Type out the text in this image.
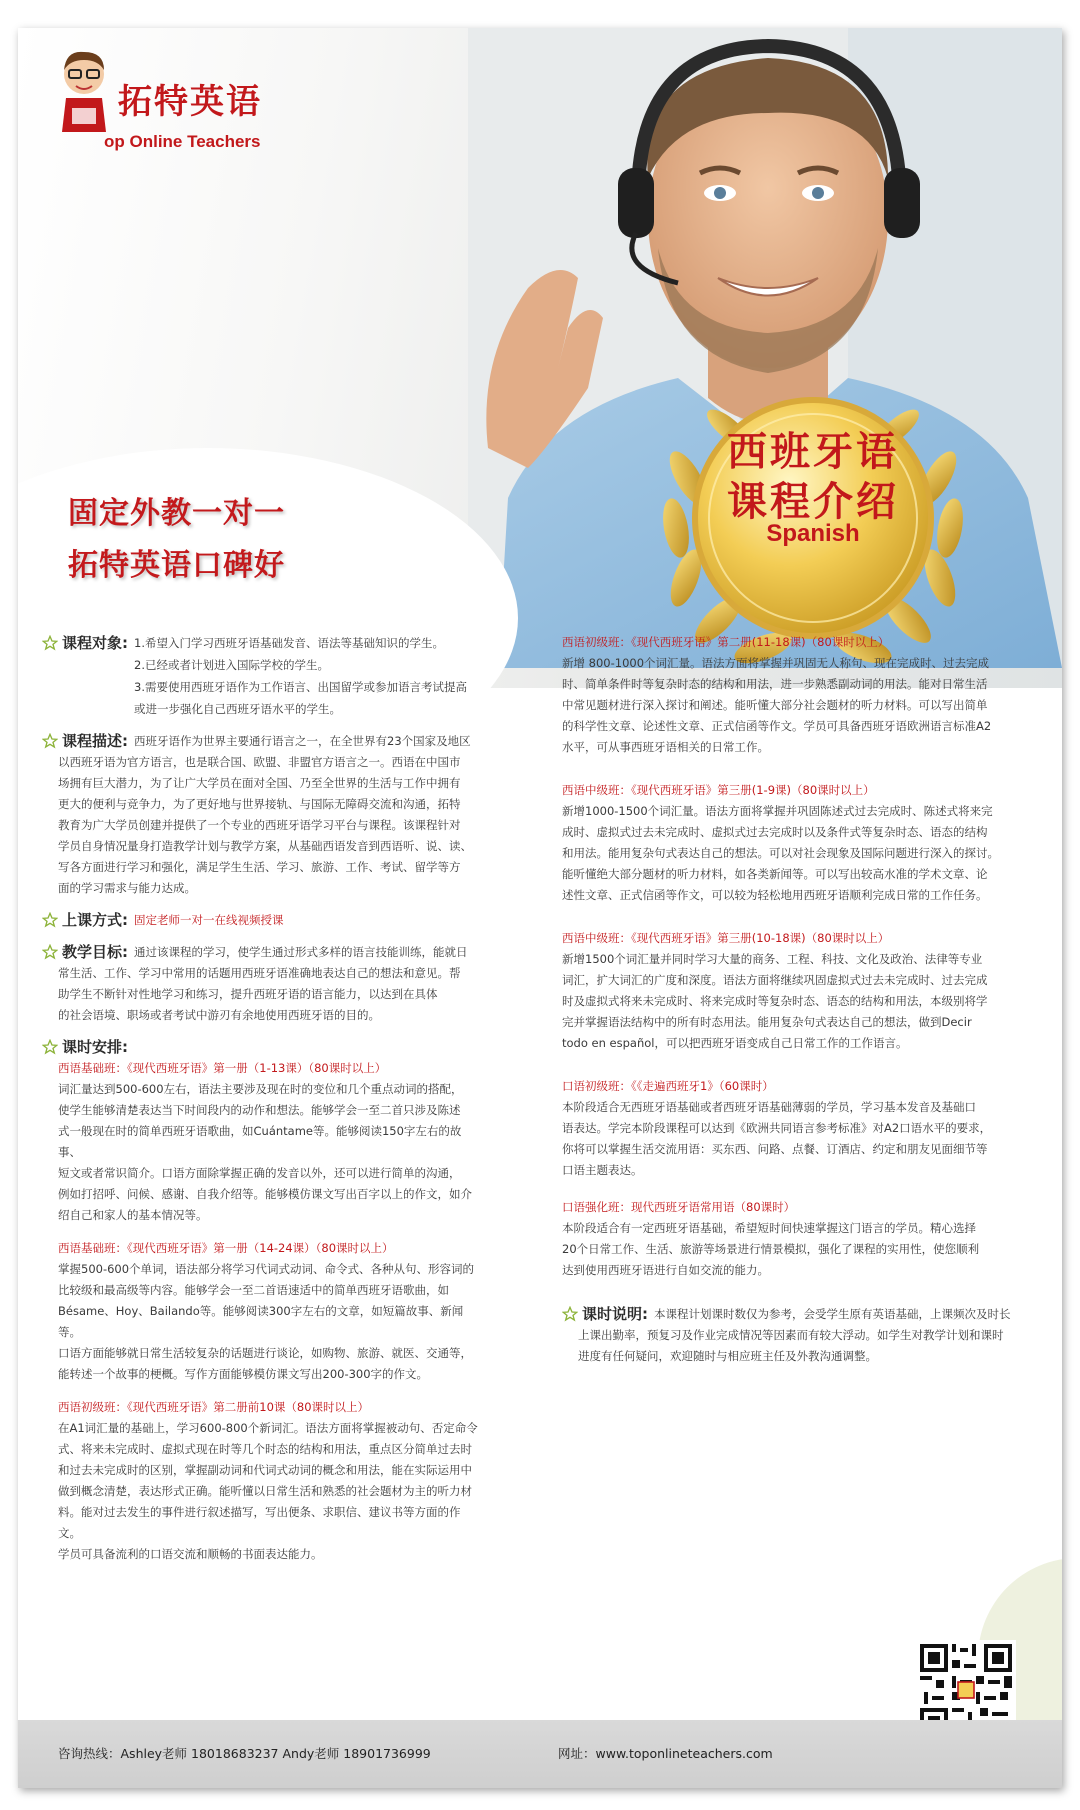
拓特英语
op Online Teachers
固定外教一对一
拓特英语口碑好
西班牙语
课程介绍
Spanish
课程对象: 1.希望入门学习西班牙语基础发音、语法等基础知识的学生。
2.已经或者计划进入国际学校的学生。
3.需要使用西班牙语作为工作语言、出国留学或参加语言考试提高
或进一步强化自己西班牙语水平的学生。
课程描述: 西班牙语作为世界主要通行语言之一，在全世界有23个国家及地区
以西班牙语为官方语言，也是联合国、欧盟、非盟官方语言之一。西语在中国市
场拥有巨大潜力，为了让广大学员在面对全国、乃至全世界的生活与工作中拥有
更大的便利与竞争力，为了更好地与世界接轨、与国际无障碍交流和沟通，拓特
教育为广大学员创建并提供了一个专业的西班牙语学习平台与课程。该课程针对
学员自身情况量身打造教学计划与教学方案，从基础西语发音到西语听、说、读、
写各方面进行学习和强化，满足学生生活、学习、旅游、工作、考试、留学等方
面的学习需求与能力达成。
上课方式: 固定老师一对一在线视频授课
教学目标: 通过该课程的学习，使学生通过形式多样的语言技能训练，能就日
常生活、工作、学习中常用的话题用西班牙语准确地表达自己的想法和意见。帮
助学生不断针对性地学习和练习，提升西班牙语的语言能力，以达到在具体
的社会语境、职场或者考试中游刃有余地使用西班牙语的目的。
课时安排:
西语基础班：《现代西班牙语》第一册（1-13课）（80课时以上）
词汇量达到500-600左右，语法主要涉及现在时的变位和几个重点动词的搭配，
使学生能够清楚表达当下时间段内的动作和想法。能够学会一至二首只涉及陈述
式一般现在时的简单西班牙语歌曲，如Cuántame等。能够阅读150字左右的故事、
短文或者常识简介。口语方面除掌握正确的发音以外，还可以进行简单的沟通，
例如打招呼、问候、感谢、自我介绍等。能够模仿课文写出百字以上的作文，如介
绍自己和家人的基本情况等。
西语基础班：《现代西班牙语》第一册（14-24课）（80课时以上）
掌握500-600个单词，语法部分将学习代词式动词、命令式、各种从句、形容词的
比较级和最高级等内容。能够学会一至二首语速适中的简单西班牙语歌曲，如
Bésame、Hoy、Bailando等。能够阅读300字左右的文章，如短篇故事、新闻等。
口语方面能够就日常生活较复杂的话题进行谈论，如购物、旅游、就医、交通等，
能转述一个故事的梗概。写作方面能够模仿课文写出200-300字的作文。
西语初级班：《现代西班牙语》第二册前10课（80课时以上）
在A1词汇量的基础上，学习600-800个新词汇。语法方面将掌握被动句、否定命令
式、将来未完成时、虚拟式现在时等几个时态的结构和用法，重点区分简单过去时
和过去未完成时的区别，掌握副动词和代词式动词的概念和用法，能在实际运用中
做到概念清楚，表达形式正确。能听懂以日常生活和熟悉的社会题材为主的听力材
料。能对过去发生的事件进行叙述描写，写出便条、求职信、建议书等方面的作文。
学员可具备流利的口语交流和顺畅的书面表达能力。
西语初级班：《现代西班牙语》第二册(11-18课)（80课时以上）
新增 800-1000个词汇量。语法方面将掌握并巩固无人称句、现在完成时、过去完成
时、简单条件时等复杂时态的结构和用法，进一步熟悉副动词的用法。能对日常生活
中常见题材进行深入探讨和阐述。能听懂大部分社会题材的听力材料。可以写出简单
的科学性文章、论述性文章、正式信函等作文。学员可具备西班牙语欧洲语言标准A2
水平，可从事西班牙语相关的日常工作。
西语中级班：《现代西班牙语》第三册(1-9课)（80课时以上）
新增1000-1500个词汇量。语法方面将掌握并巩固陈述式过去完成时、陈述式将来完
成时、虚拟式过去未完成时、虚拟式过去完成时以及条件式等复杂时态、语态的结构
和用法。能用复杂句式表达自己的想法。可以对社会现象及国际问题进行深入的探讨。
能听懂绝大部分题材的听力材料，如各类新闻等。可以写出较高水准的学术文章、论
述性文章、正式信函等作文，可以较为轻松地用西班牙语顺利完成日常的工作任务。
西语中级班：《现代西班牙语》第三册(10-18课)（80课时以上）
新增1500个词汇量并同时学习大量的商务、工程、科技、文化及政治、法律等专业
词汇，扩大词汇的广度和深度。语法方面将继续巩固虚拟式过去未完成时、过去完成
时及虚拟式将来未完成时、将来完成时等复杂时态、语态的结构和用法，本级别将学
完并掌握语法结构中的所有时态用法。能用复杂句式表达自己的想法，做到Decir
todo en español，可以把西班牙语变成自己日常工作的工作语言。
口语初级班：《《走遍西班牙1》（60课时）
本阶段适合无西班牙语基础或者西班牙语基础薄弱的学员，学习基本发音及基础口
语表达。学完本阶段课程可以达到《欧洲共同语言参考标准》对A2口语水平的要求，
你将可以掌握生活交流用语：买东西、问路、点餐、订酒店、约定和朋友见面细节等
口语主题表达。
口语强化班：现代西班牙语常用语（80课时）
本阶段适合有一定西班牙语基础，希望短时间快速掌握这门语言的学员。精心选择
20个日常工作、生活、旅游等场景进行情景模拟，强化了课程的实用性，使您顺利
达到使用西班牙语进行自如交流的能力。
课时说明: 本课程计划课时数仅为参考，会受学生原有英语基础，上课频次及时长
上课出勤率，预复习及作业完成情况等因素而有较大浮动。如学生对教学计划和课时
进度有任何疑问，欢迎随时与相应班主任及外教沟通调整。
咨询热线：Ashley老师 18018683237 Andy老师 18901736999	网址：www.toponlineteachers.com
